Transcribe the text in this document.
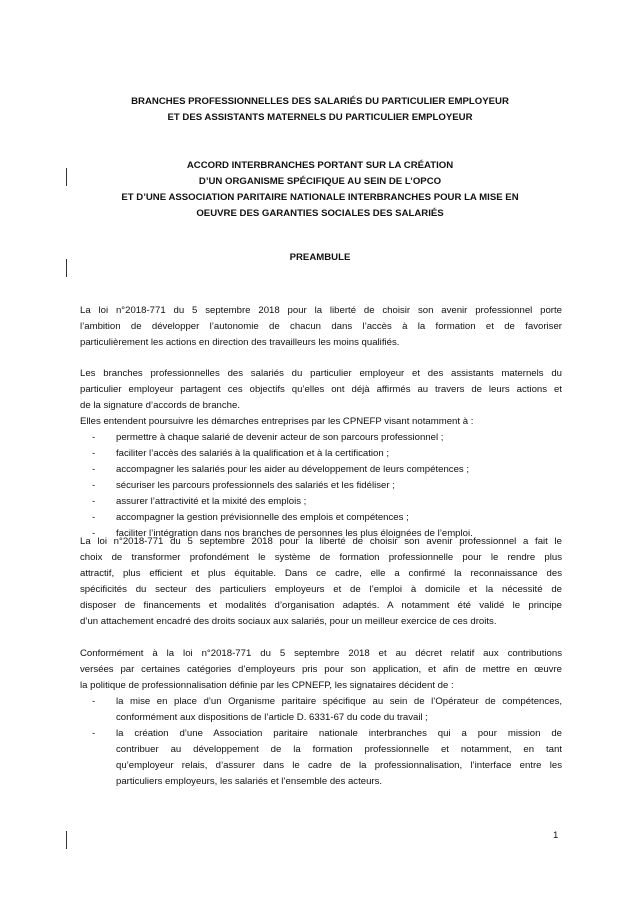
BRANCHES PROFESSIONNELLES DES SALARIÉS DU PARTICULIER EMPLOYEUR
ET DES ASSISTANTS MATERNELS DU PARTICULIER EMPLOYEUR
ACCORD INTERBRANCHES PORTANT SUR LA CRÉATION
D’UN ORGANISME SPÉCIFIQUE AU SEIN DE L’OPCO
ET D’UNE ASSOCIATION PARITAIRE NATIONALE INTERBRANCHES POUR LA MISE EN
OEUVRE DES GARANTIES SOCIALES DES SALARIÉS
PREAMBULE
La loi n°2018-771 du 5 septembre 2018 pour la liberté de choisir son avenir professionnel porte
l’ambition de développer l’autonomie de chacun dans l’accès à la formation et de favoriser
particulièrement les actions en direction des travailleurs les moins qualifiés.
Les branches professionnelles des salariés du particulier employeur et des assistants maternels du
particulier employeur partagent ces objectifs qu’elles ont déjà affirmés au travers de leurs actions et
de la signature d’accords de branche.
Elles entendent poursuivre les démarches entreprises par les CPNEFP visant notamment à :
- permettre à chaque salarié de devenir acteur de son parcours professionnel ;
- faciliter l’accès des salariés à la qualification et à la certification ;
- accompagner les salariés pour les aider au développement de leurs compétences ;
- sécuriser les parcours professionnels des salariés et les fidéliser ;
- assurer l’attractivité et la mixité des emplois ;
- accompagner la gestion prévisionnelle des emplois et compétences ;
- faciliter l’intégration dans nos branches de personnes les plus éloignées de l’emploi.
La loi n°2018-771 du 5 septembre 2018 pour la liberté de choisir son avenir professionnel a fait le
choix de transformer profondément le système de formation professionnelle pour le rendre plus
attractif, plus efficient et plus équitable. Dans ce cadre, elle a confirmé la reconnaissance des
spécificités du secteur des particuliers employeurs et de l’emploi à domicile et la nécessité de
disposer de financements et modalités d’organisation adaptés. A notamment été validé le principe
d’un attachement encadré des droits sociaux aux salariés, pour un meilleur exercice de ces droits.
Conformément à la loi n°2018-771 du 5 septembre 2018 et au décret relatif aux contributions
versées par certaines catégories d’employeurs pris pour son application, et afin de mettre en œuvre
la politique de professionnalisation définie par les CPNEFP, les signataires décident de :
- la mise en place d’un Organisme paritaire spécifique au sein de l’Opérateur de compétences,
conformément aux dispositions de l’article D. 6331-67 du code du travail ;
- la création d’une Association paritaire nationale interbranches qui a pour mission de
contribuer au développement de la formation professionnelle et notamment, en tant
qu’employeur relais, d’assurer dans le cadre de la professionnalisation, l’interface entre les
particuliers employeurs, les salariés et l’ensemble des acteurs.
1
